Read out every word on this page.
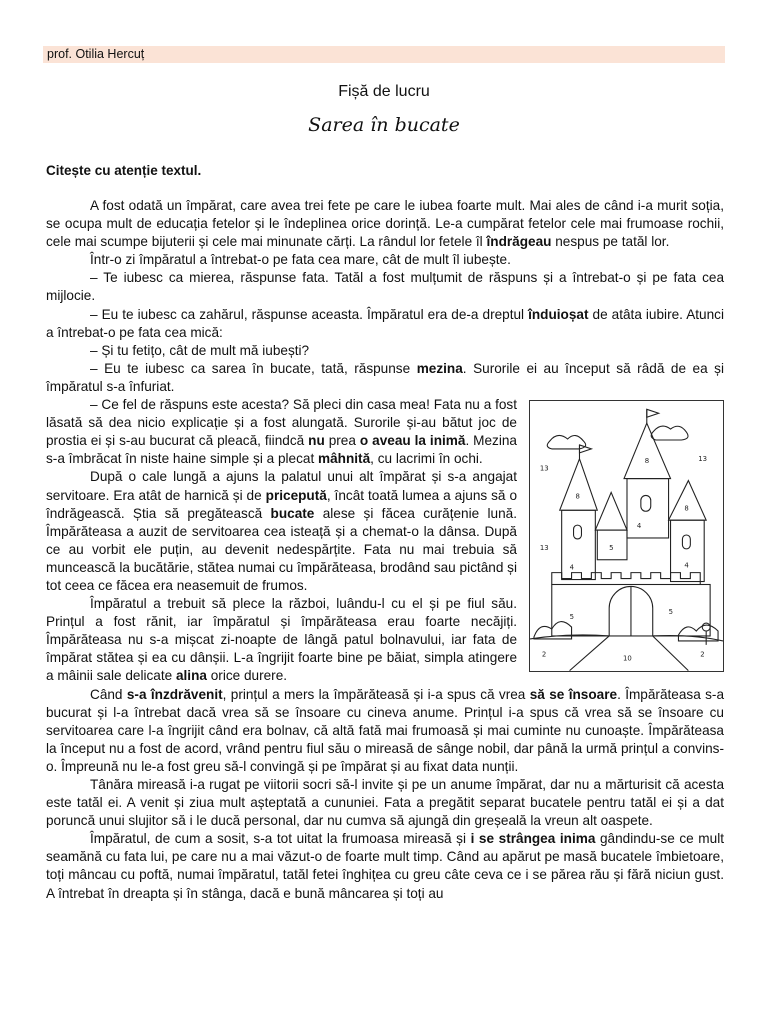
prof. Otilia Hercuț
Fișă de lucru
Sarea în bucate
Citește cu atenție textul.

A fost odată un împărat, care avea trei fete pe care le iubea foarte mult. Mai ales de când i-a murit soția, se ocupa mult de educația fetelor și le îndeplinea orice dorință. Le-a cumpărat fetelor cele mai frumoase rochii, cele mai scumpe bijuterii și cele mai minunate cărți. La rândul lor fetele îl îndrăgeau nespus pe tatăl lor.

Într-o zi împăratul a întrebat-o pe fata cea mare, cât de mult îl iubește.

– Te iubesc ca mierea, răspunse fata. Tatăl a fost mulțumit de răspuns și a întrebat-o și pe fata cea mijlocie.

– Eu te iubesc ca zahărul, răspunse aceasta. Împăratul era de-a dreptul înduioșat de atâta iubire. Atunci a întrebat-o pe fata cea mică:

– Și tu fetițo, cât de mult mă iubești?

– Eu te iubesc ca sarea în bucate, tată, răspunse mezina. Surorile ei au început să râdă de ea și împăratul s-a înfuriat.

13
13
13
8
8
8
4
4
4
5
5
5
2	2
10

– Ce fel de răspuns este acesta? Să pleci din casa mea! Fata nu a fost lăsată să dea nicio explicație și a fost alungată. Surorile și-au bătut joc de prostia ei și s-au bucurat că pleacă, fiindcă nu prea o aveau la inimă. Mezina s-a îmbrăcat în niste haine simple și a plecat mâhnită, cu lacrimi în ochi.

După o cale lungă a ajuns la palatul unui alt împărat și s-a angajat servitoare. Era atât de harnică și de pricepută, încât toată lumea a ajuns să o îndrăgească. Știa să pregătească bucate alese și făcea curățenie lună. Împărăteasa a auzit de servitoarea cea isteață și a chemat-o la dânsa. După ce au vorbit ele puțin, au devenit nedespărțite. Fata nu mai trebuia să muncească la bucătărie, stătea numai cu împărăteasa, brodând sau pictând și tot ceea ce făcea era neasemuit de frumos.

Împăratul a trebuit să plece la război, luându-l cu el și pe fiul său. Prințul a fost rănit, iar împăratul și împărăteasa erau foarte necăjiți. Împărăteasa nu s-a mișcat zi-noapte de lângă patul bolnavului, iar fata de împărat stătea și ea cu dânșii. L-a îngrijit foarte bine pe băiat, simpla atingere a mâinii sale delicate alina orice durere.

Când s-a înzdrăvenit, prințul a mers la împărăteasă și i-a spus că vrea să se însoare. Împărăteasa s-a bucurat și l-a întrebat dacă vrea să se însoare cu cineva anume. Prințul i-a spus că vrea să se însoare cu servitoarea care l-a îngrijit când era bolnav, că altă fată mai frumoasă și mai cuminte nu cunoaște. Împărăteasa la început nu a fost de acord, vrând pentru fiul său o mireasă de sânge nobil, dar până la urmă prințul a convins-o. Împreună nu le-a fost greu să-l convingă și pe împărat și au fixat data nunții.

Tânăra mireasă i-a rugat pe viitorii socri să-l invite și pe un anume împărat, dar nu a mărturisit că acesta este tatăl ei. A venit și ziua mult așteptată a cununiei. Fata a pregătit separat bucatele pentru tatăl ei și a dat poruncă unui slujitor să i le ducă personal, dar nu cumva să ajungă din greșeală la vreun alt oaspete.

Împăratul, de cum a sosit, s-a tot uitat la frumoasa mireasă și i se strângea inima gândindu-se ce mult seamănă cu fata lui, pe care nu a mai văzut-o de foarte mult timp. Când au apărut pe masă bucatele îmbietoare, toți mâncau cu poftă, numai împăratul, tatăl fetei înghițea cu greu câte ceva ce i se părea rău și fără niciun gust. A întrebat în dreapta și în stânga, dacă e bună mâncarea și toți au
